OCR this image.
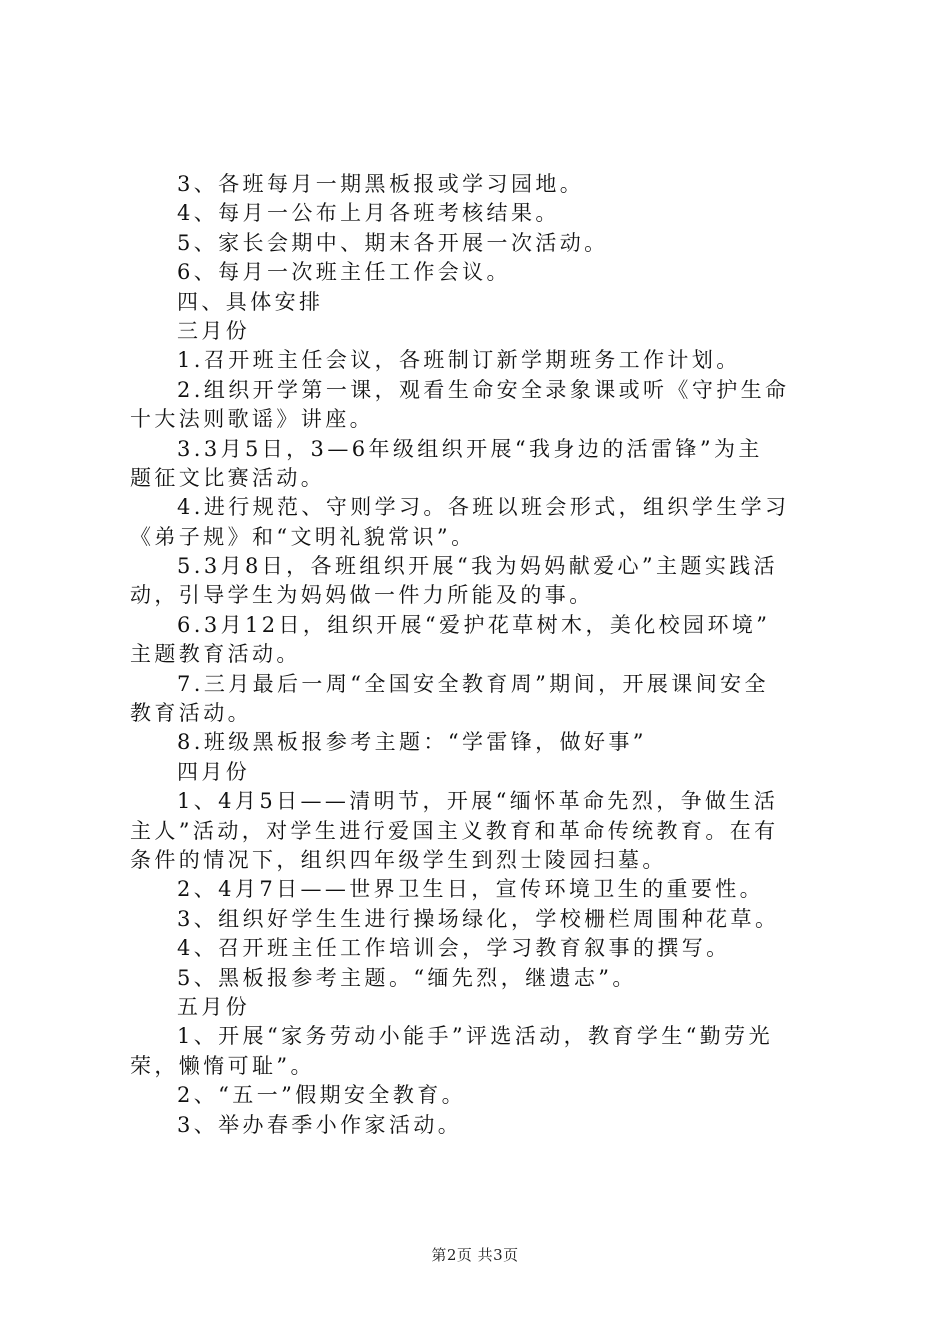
3、各班每月一期黑板报或学习园地。
4、每月一公布上月各班考核结果。
5、家长会期中、期末各开展一次活动。
6、每月一次班主任工作会议。
四、具体安排
三月份
1.召开班主任会议，各班制订新学期班务工作计划。
2.组织开学第一课，观看生命安全录象课或听《守护生命
十大法则歌谣》讲座。
3.3月5日，3—6年级组织开展“我身边的活雷锋”为主
题征文比赛活动。
4.进行规范、守则学习。各班以班会形式，组织学生学习
《弟子规》和“文明礼貌常识”。
5.3月8日，各班组织开展“我为妈妈献爱心”主题实践活
动，引导学生为妈妈做一件力所能及的事。
6.3月12日，组织开展“爱护花草树木，美化校园环境”
主题教育活动。
7.三月最后一周“全国安全教育周”期间，开展课间安全
教育活动。
8.班级黑板报参考主题：“学雷锋，做好事”
四月份
1、4月5日——清明节，开展“缅怀革命先烈，争做生活
主人”活动，对学生进行爱国主义教育和革命传统教育。在有
条件的情况下，组织四年级学生到烈士陵园扫墓。
2、4月7日——世界卫生日，宣传环境卫生的重要性。
3、组织好学生生进行操场绿化，学校栅栏周围种花草。
4、召开班主任工作培训会，学习教育叙事的撰写。
5、黑板报参考主题。“缅先烈，继遗志”。
五月份
1、开展“家务劳动小能手”评选活动，教育学生“勤劳光
荣，懒惰可耻”。
2、“五一”假期安全教育。
3、举办春季小作家活动。
第2页 共3页
